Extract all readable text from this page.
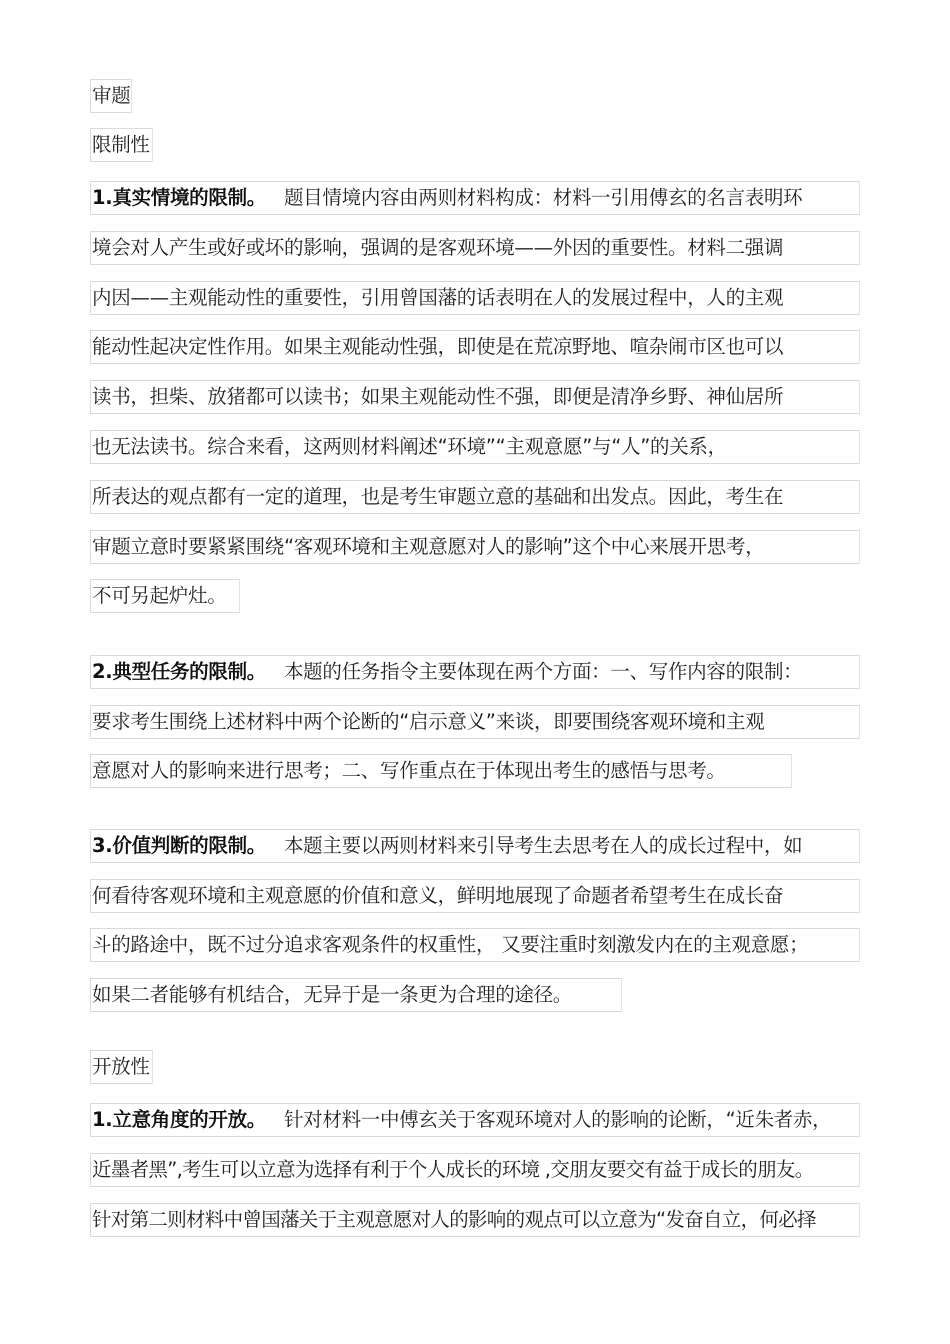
审题
限制性
1.真实情境的限制。 题目情境内容由两则材料构成：材料一引用傅玄的名言表明环
境会对人产生或好或坏的影响，强调的是客观环境——外因的重要性。材料二强调
内因——主观能动性的重要性，引用曾国藩的话表明在人的发展过程中，人的主观
能动性起决定性作用。如果主观能动性强，即使是在荒凉野地、喧杂闹市区也可以
读书，担柴、放猪都可以读书；如果主观能动性不强，即便是清净乡野、神仙居所
也无法读书。综合来看，这两则材料阐述“环境”“主观意愿”与“人”的关系，
所表达的观点都有一定的道理，也是考生审题立意的基础和出发点。因此，考生在
审题立意时要紧紧围绕“客观环境和主观意愿对人的影响”这个中心来展开思考，
不可另起炉灶。
2.典型任务的限制。 本题的任务指令主要体现在两个方面：一、写作内容的限制：
要求考生围绕上述材料中两个论断的“启示意义”来谈，即要围绕客观环境和主观
意愿对人的影响来进行思考；二、写作重点在于体现出考生的感悟与思考。
3.价值判断的限制。 本题主要以两则材料来引导考生去思考在人的成长过程中，如
何看待客观环境和主观意愿的价值和意义，鲜明地展现了命题者希望考生在成长奋
斗的路途中，既不过分追求客观条件的权重性， 又要注重时刻激发内在的主观意愿；
如果二者能够有机结合，无异于是一条更为合理的途径。
开放性
1.立意角度的开放。 针对材料一中傅玄关于客观环境对人的影响的论断，“近朱者赤，
近墨者黑”,考生可以立意为选择有利于个人成长的环境 ,交朋友要交有益于成长的朋友。
针对第二则材料中曾国藩关于主观意愿对人的影响的观点可以立意为“发奋自立，何必择
